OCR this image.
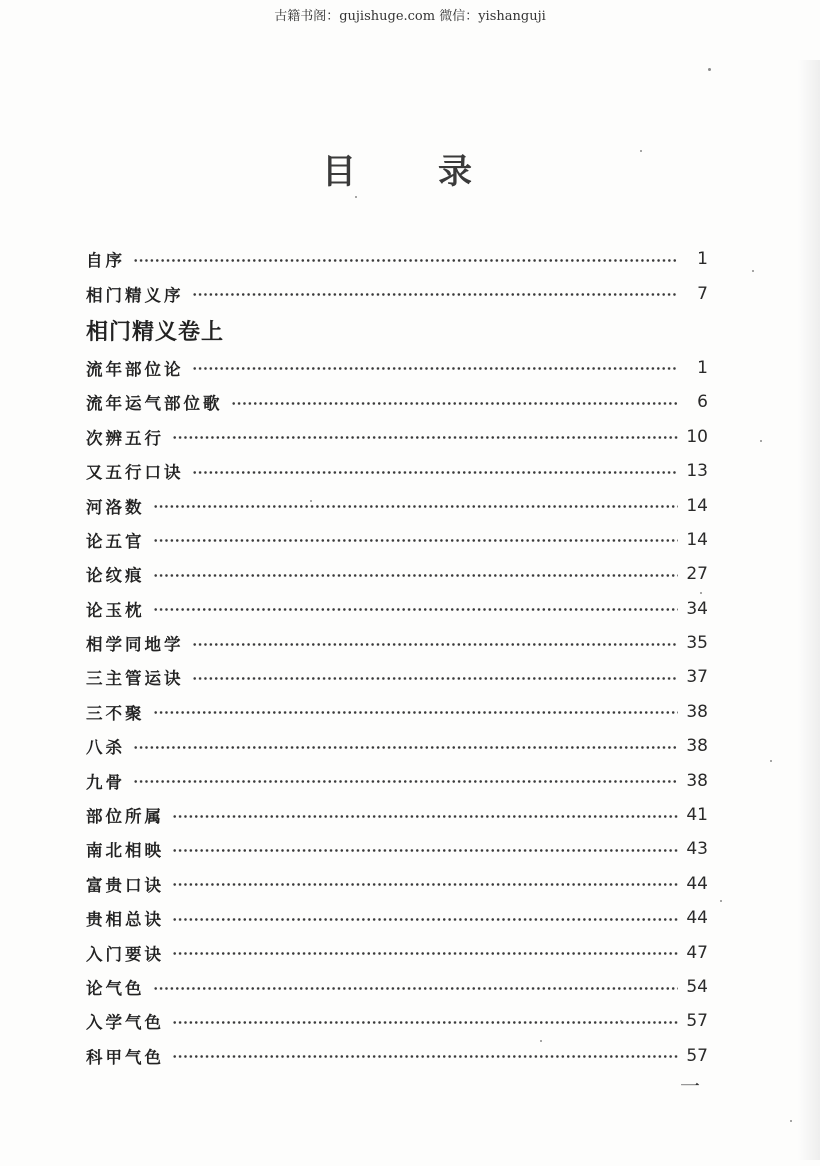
古籍书阁：gujishuge.com 微信：yishanguji
目 录
自序	1
相门精义序	7
相门精义卷上
流年部位论	1
流年运气部位歌	6
次辨五行	10
又五行口诀	13
河洛数	14
论五官	14
论纹痕	27
论玉枕	34
相学同地学	35
三主管运诀	37
三不聚	38
八杀	38
九骨	38
部位所属	41
南北相映	43
富贵口诀	44
贵相总诀	44
入门要诀	47
论气色	54
入学气色	57
科甲气色	57
一
